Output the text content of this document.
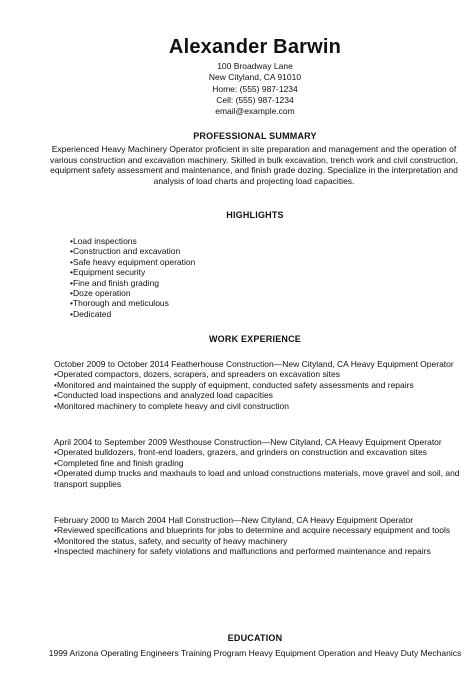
Alexander Barwin
100 Broadway Lane
New Cityland, CA 91010
Home: (555) 987-1234
Cell: (555) 987-1234
email@example.com
PROFESSIONAL SUMMARY
Experienced Heavy Machinery Operator proficient in site preparation and management and the operation of various construction and excavation machinery. Skilled in bulk excavation, trench work and civil construction, equipment safety assessment and maintenance, and finish grade dozing. Specialize in the interpretation and analysis of load charts and projecting load capacities.
HIGHLIGHTS
•Load inspections
•Construction and excavation
•Safe heavy equipment operation
•Equipment security
•Fine and finish grading
•Doze operation
•Thorough and meticulous
•Dedicated
WORK EXPERIENCE
October 2009 to October 2014 Featherhouse Construction—New Cityland, CA Heavy Equipment Operator
•Operated compactors, dozers, scrapers, and spreaders on excavation sites
•Monitored and maintained the supply of equipment, conducted safety assessments and repairs
•Conducted load inspections and analyzed load capacities
•Monitored machinery to complete heavy and civil construction
April 2004 to September 2009 Westhouse Construction—New Cityland, CA Heavy Equipment Operator
•Operated bulldozers, front-end loaders, grazers, and grinders on construction and excavation sites
•Completed fine and finish grading
•Operated dump trucks and maxhauls to load and unload constructions materials, move gravel and soil, and transport supplies
February 2000 to March 2004 Hall Construction—New Cityland, CA Heavy Equipment Operator
•Reviewed specifications and blueprints for jobs to determine and acquire necessary equipment and tools
•Monitored the status, safety, and security of heavy machinery
•Inspected machinery for safety violations and malfunctions and performed maintenance and repairs
EDUCATION
1999 Arizona Operating Engineers Training Program Heavy Equipment Operation and Heavy Duty Mechanics
